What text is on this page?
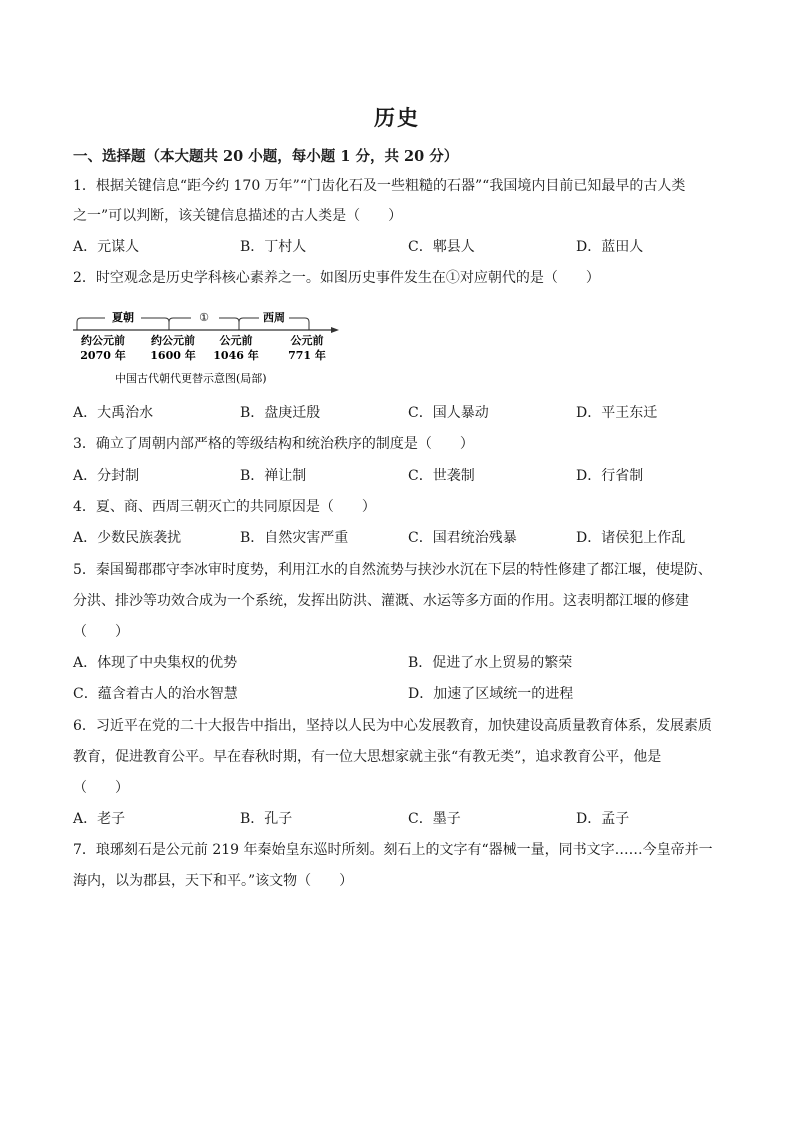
历史
一、选择题（本大题共 20 小题，每小题 1 分，共 20 分）
1．根据关键信息“距今约 170 万年”“门齿化石及一些粗糙的石器”“我国境内目前已知最早的古人类
之一”可以判断，该关键信息描述的古人类是（　　）
A．元谋人	B．丁村人	C．郫县人	D．蓝田人
2．时空观念是历史学科核心素养之一。如图历史事件发生在①对应朝代的是（　　）
夏朝	①	西周
约公元前
2070 年
约公元前
1600 年
公元前
1046 年
公元前
771 年
中国古代朝代更替示意图(局部)
A．大禹治水	B．盘庚迁殷	C．国人暴动	D．平王东迁
3．确立了周朝内部严格的等级结构和统治秩序的制度是（　　）
A．分封制	B．禅让制	C．世袭制	D．行省制
4．夏、商、西周三朝灭亡的共同原因是（　　）
A．少数民族袭扰	B．自然灾害严重	C．国君统治残暴	D．诸侯犯上作乱
5．秦国蜀郡郡守李冰审时度势，利用江水的自然流势与挟沙水沉在下层的特性修建了都江堰，使堤防、
分洪、排沙等功效合成为一个系统，发挥出防洪、灌溉、水运等多方面的作用。这表明都江堰的修建
（　　）
A．体现了中央集权的优势	B．促进了水上贸易的繁荣
C．蕴含着古人的治水智慧	D．加速了区域统一的进程
6．习近平在党的二十大报告中指出，坚持以人民为中心发展教育，加快建设高质量教育体系，发展素质
教育，促进教育公平。早在春秋时期，有一位大思想家就主张“有教无类”，追求教育公平，他是
（　　）
A．老子	B．孔子	C．墨子	D．孟子
7．琅琊刻石是公元前 219 年秦始皇东巡时所刻。刻石上的文字有“器械一量，同书文字……今皇帝并一
海内，以为郡县，天下和平。”该文物（　　）
